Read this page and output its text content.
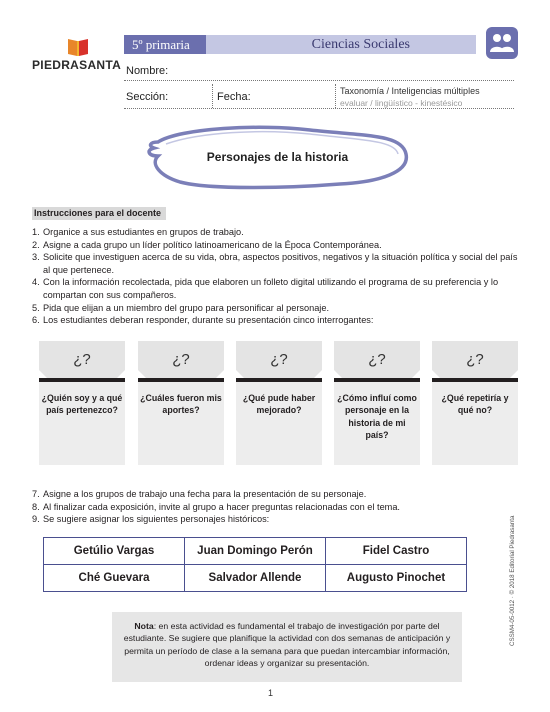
PIEDRASANTA
5º primaria	Ciencias Sociales
Nombre:
Sección:	Fecha:	Taxonomía / Inteligencias múltiples
evaluar / lingüístico - kinestésico
Personajes de la historia
Instrucciones para el docente
1. Organice a sus estudiantes en grupos de trabajo.
2. Asigne a cada grupo un líder político latinoamericano de la Época Contemporánea.
3. Solicite que investiguen acerca de su vida, obra, aspectos positivos, negativos y la situación política y social del país al que pertenece.
4. Con la información recolectada, pida que elaboren un folleto digital utilizando el programa de su preferencia y lo compartan con sus compañeros.
5. Pida que elijan a un miembro del grupo para personificar al personaje.
6. Los estudiantes deberan responder, durante su presentación cinco interrogantes:
¿?
¿Quién soy y a qué país pertenezco?
¿?
¿Cuáles fueron mis aportes?
¿?
¿Qué pude haber mejorado?
¿?
¿Cómo influí como personaje en la historia de mi país?
¿?
¿Qué repetiría y qué no?
7. Asigne a los grupos de trabajo una fecha para la presentación de su personaje.
8. Al finalizar cada exposición, invite al grupo a hacer preguntas relacionadas con el tema.
9. Se sugiere asignar los siguientes personajes históricos:
Getúlio Vargas	Juan Domingo Perón	Fidel Castro
Ché Guevara	Salvador Allende	Augusto Pinochet	CSSM4-05-0012 · © 2018 Editorial Piedrasanta
Nota: en esta actividad es fundamental el trabajo de investigación por parte del estudiante. Se sugiere que planifique la actividad con dos semanas de anticipación y permita un período de clase a la semana para que puedan intercambiar información, ordenar ideas y organizar su presentación.
1
